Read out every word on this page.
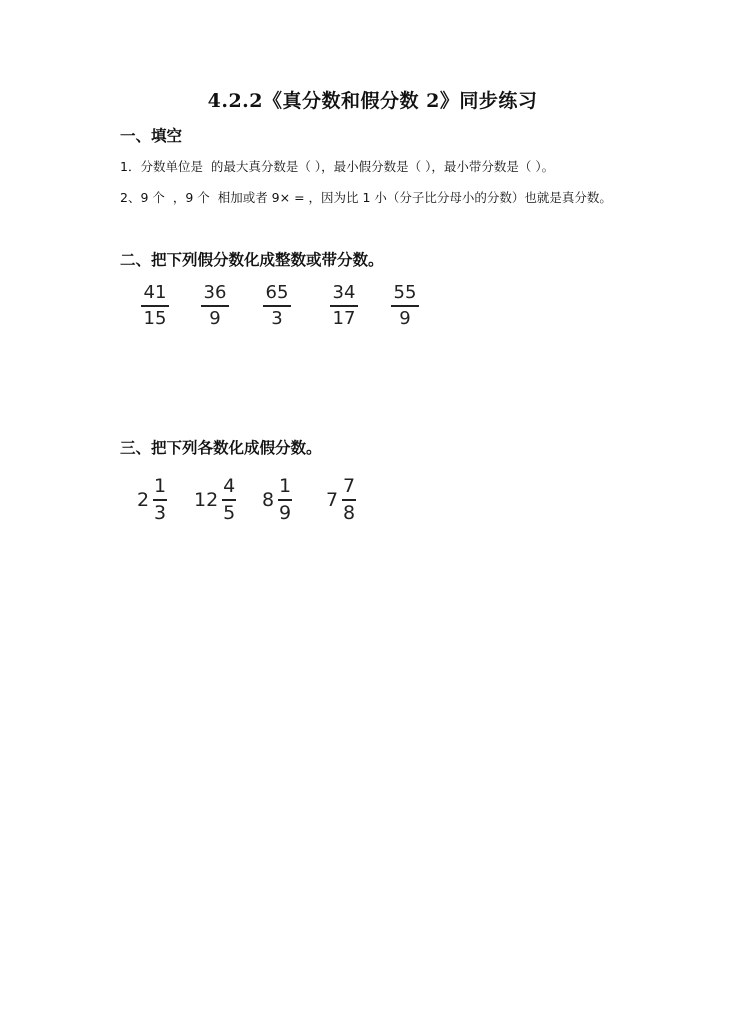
4.2.2《真分数和假分数 2》同步练习
一、填空
1．分数单位是  的最大真分数是（ ），最小假分数是（ ），最小带分数是（ ）。
2、9 个  ，9 个  相加或者 9× = ，因为比 1 小（分子比分母小的分数）也就是真分数。
二、把下列假分数化成整数或带分数。
41
15
36
9
65
3
34
17
55
9
三、把下列各数化成假分数。
$2 \frac{1}{3} 12 \frac{4}{5} 8 \frac{1}{9} 7 \frac{7}{8}$
